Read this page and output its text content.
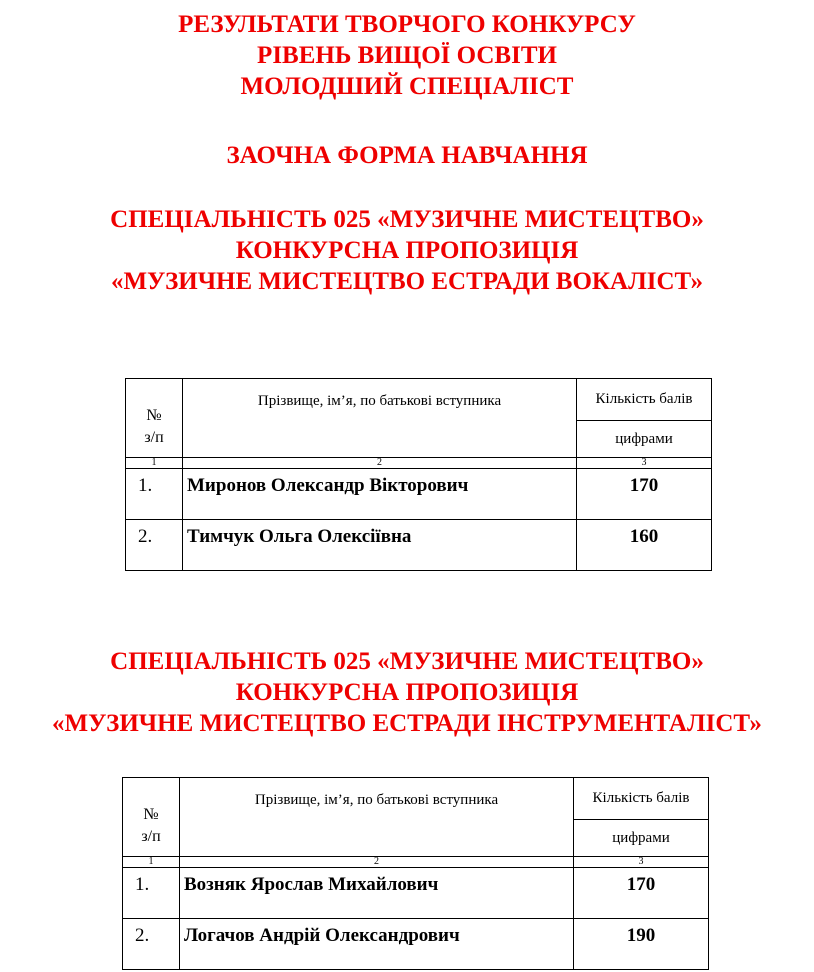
РЕЗУЛЬТАТИ ТВОРЧОГО КОНКУРСУ
РІВЕНЬ ВИЩОЇ ОСВІТИ
МОЛОДШИЙ СПЕЦІАЛІСТ
ЗАОЧНА ФОРМА НАВЧАННЯ
СПЕЦІАЛЬНІСТЬ 025 «МУЗИЧНЕ МИСТЕЦТВО»
КОНКУРСНА ПРОПОЗИЦІЯ
«МУЗИЧНЕ МИСТЕЦТВО ЕСТРАДИ ВОКАЛІСТ»
№
з/п	Прізвище, ім’я, по батькові вступника	Кількість балів
		цифрами
1	2	3
1.	Миронов Олександр Вікторович	170
2.	Тимчук Ольга Олексіївна	160
СПЕЦІАЛЬНІСТЬ 025 «МУЗИЧНЕ МИСТЕЦТВО»
КОНКУРСНА ПРОПОЗИЦІЯ
«МУЗИЧНЕ МИСТЕЦТВО ЕСТРАДИ ІНСТРУМЕНТАЛІСТ»
№
з/п	Прізвище, ім’я, по батькові вступника	Кількість балів
		цифрами
1	2	3
1.	Возняк Ярослав Михайлович	170
2.	Логачов Андрій Олександрович	190
